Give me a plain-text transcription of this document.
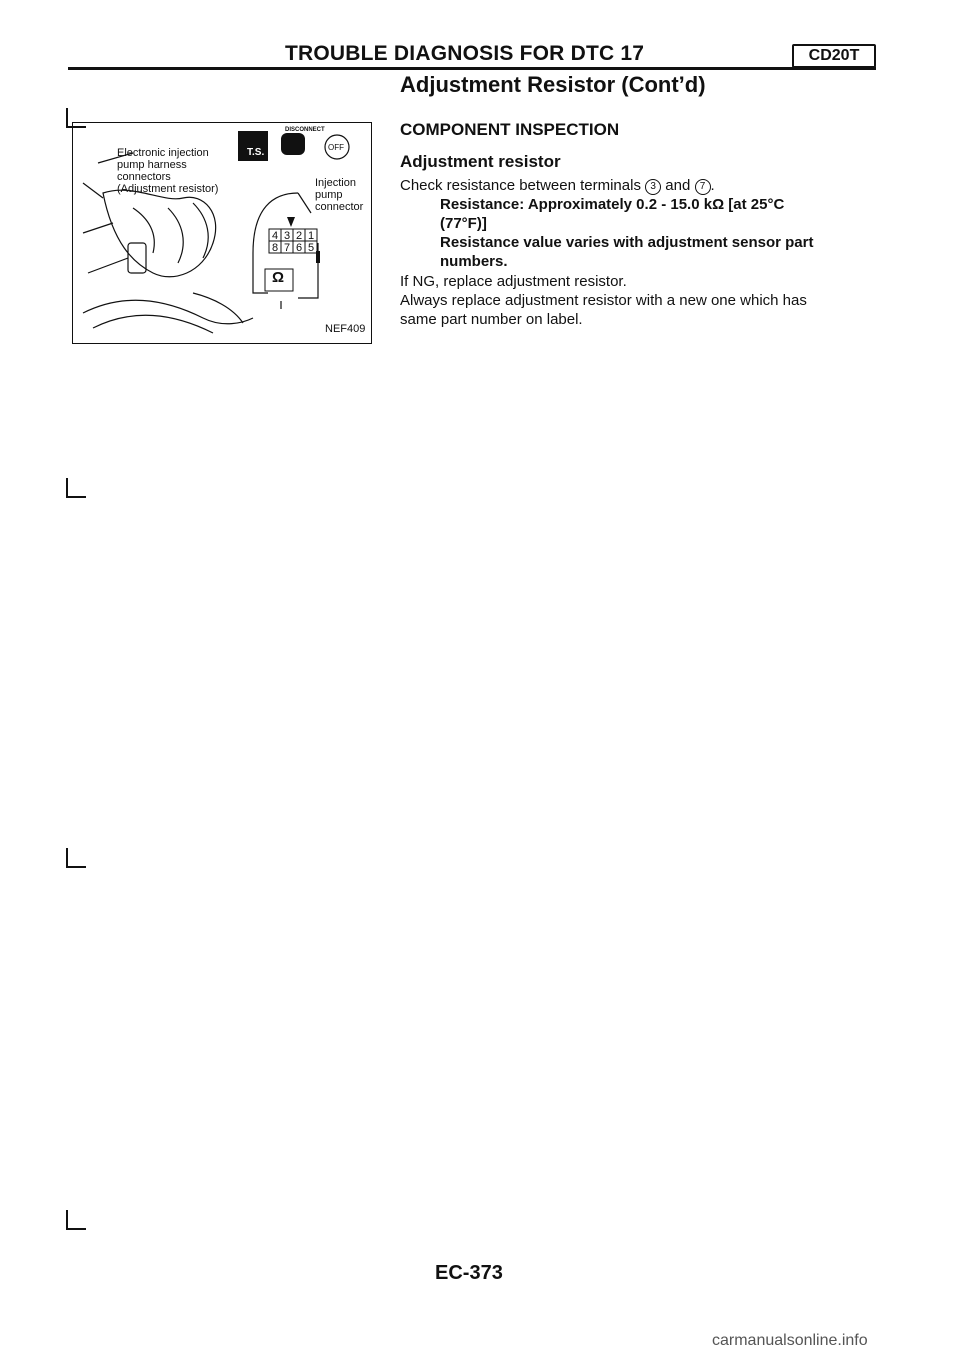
TROUBLE DIAGNOSIS FOR DTC 17	CD20T
Adjustment Resistor (Cont’d)
COMPONENT INSPECTION
Adjustment resistor
Check resistance between terminals 3 and 7 .
Resistance: Approximately 0.2 - 15.0 kΩ [at 25°C
(77°F)]
Resistance value varies with adjustment sensor part
numbers.
If NG, replace adjustment resistor.
Always replace adjustment resistor with a new one which has
same part number on label.
Electronic injection
pump harness
connectors
(Adjustment resistor)
T.S.
DISCONNECT
OFF
Injection
pump
connector
4 3 2 1
8 7 6 5
Ω
NEF409
EC-373
carmanualsonline.info
